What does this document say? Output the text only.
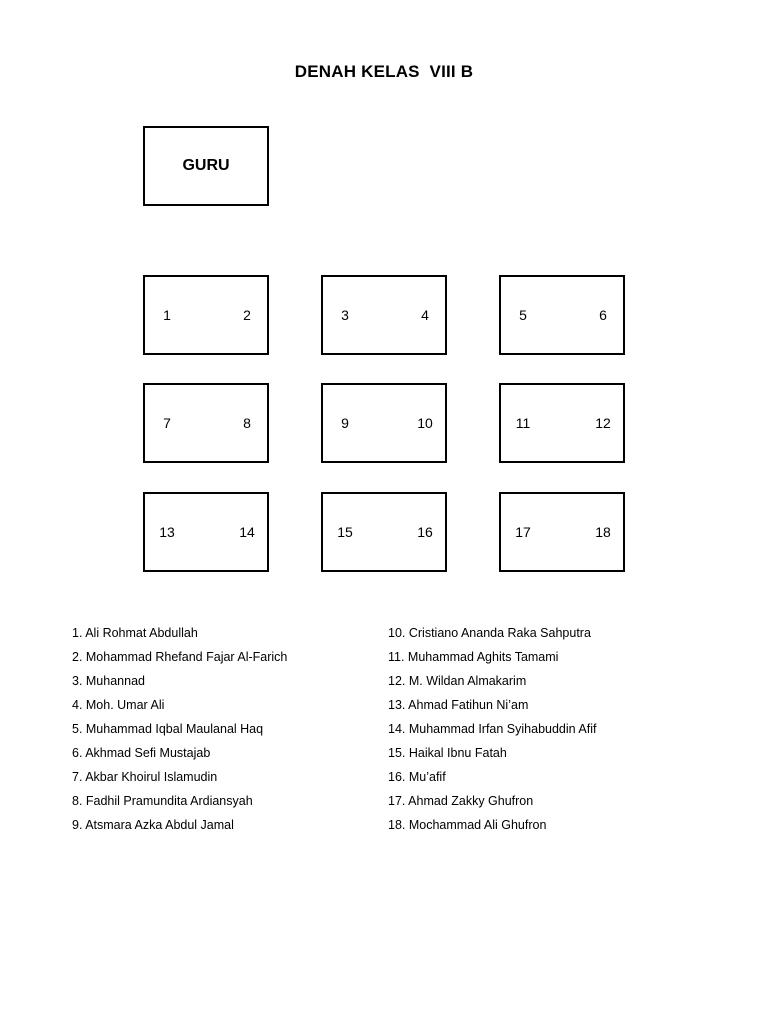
DENAH KELAS  VIII B
GURU
1	2	3	4	5	6
7	8	9	10	11	12
13	14	15	16	17	18
1. Ali Rohmat Abdullah
2. Mohammad Rhefand Fajar Al-Farich
3. Muhannad
4. Moh. Umar Ali
5. Muhammad Iqbal Maulanal Haq
6. Akhmad Sefi Mustajab
7. Akbar Khoirul Islamudin
8. Fadhil Pramundita Ardiansyah
9. Atsmara Azka Abdul Jamal
10. Cristiano Ananda Raka Sahputra
11. Muhammad Aghits Tamami
12. M. Wildan Almakarim
13. Ahmad Fatihun Ni’am
14. Muhammad Irfan Syihabuddin Afif
15. Haikal Ibnu Fatah
16. Mu’afif
17. Ahmad Zakky Ghufron
18. Mochammad Ali Ghufron
